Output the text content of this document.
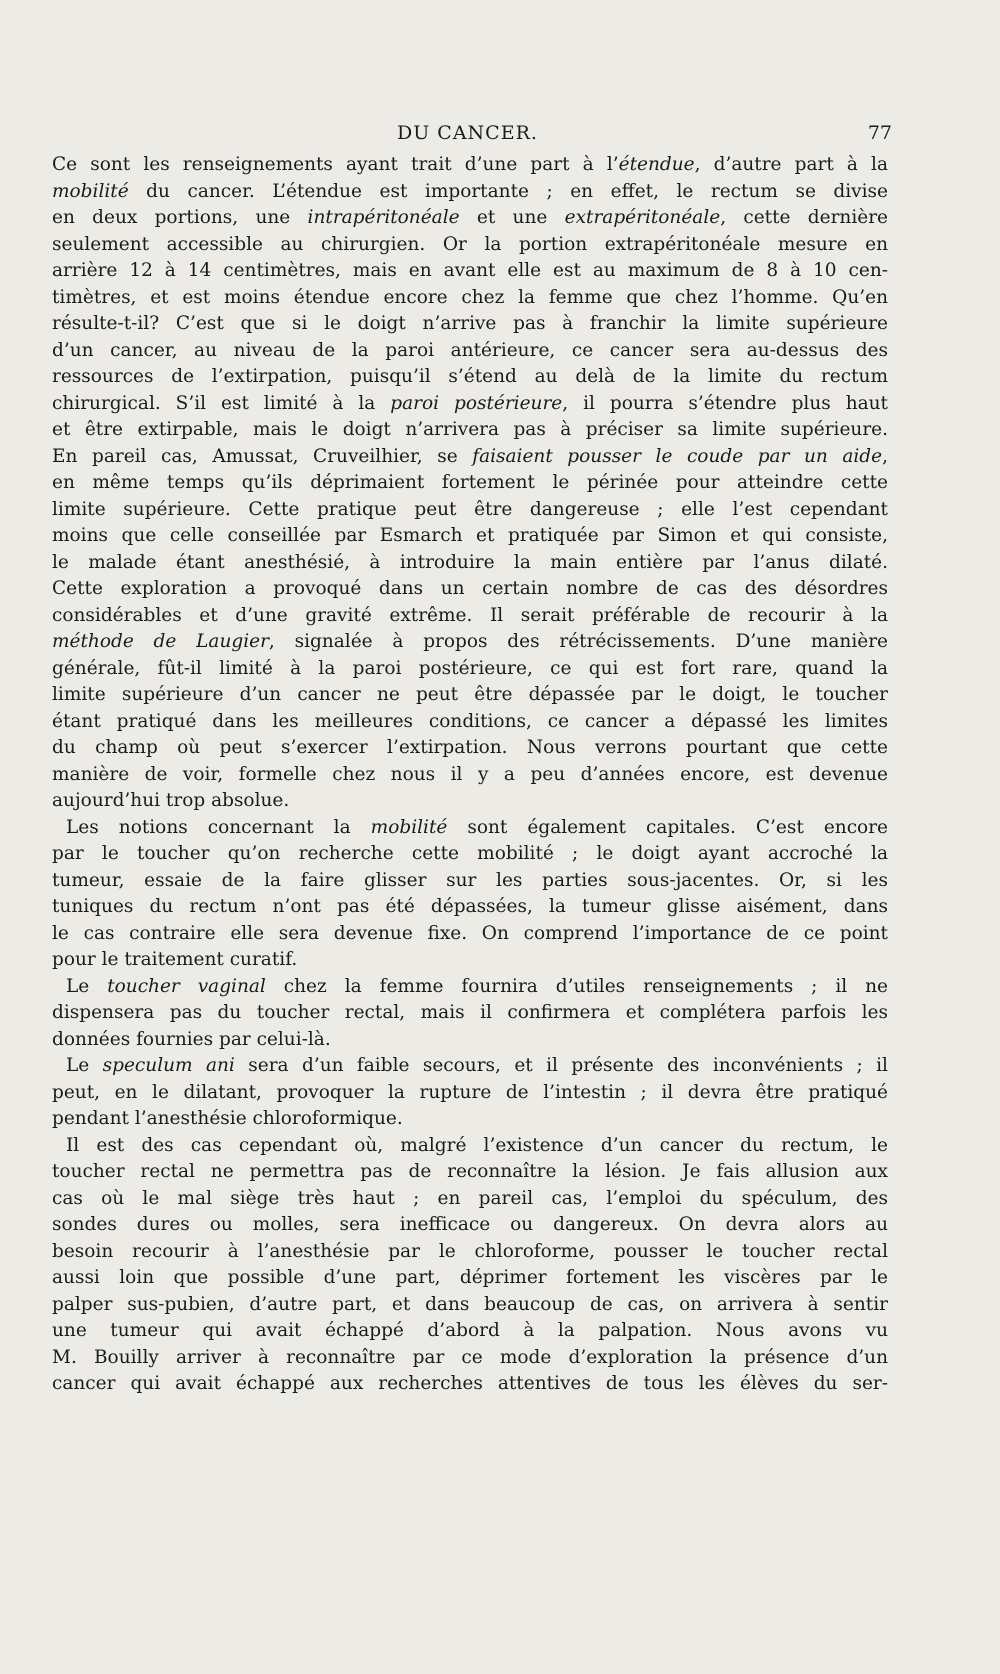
DU CANCER.	77
Ce sont les renseignements ayant trait d’une part à l’étendue, d’autre part à la
mobilité du cancer. L’étendue est importante ; en effet, le rectum se divise
en deux portions, une intrapéritonéale et une extrapéritonéale, cette dernière
seulement accessible au chirurgien. Or la portion extrapéritonéale mesure en
arrière 12 à 14 centimètres, mais en avant elle est au maximum de 8 à 10 cen-
timètres, et est moins étendue encore chez la femme que chez l’homme. Qu’en
résulte-t-il? C’est que si le doigt n’arrive pas à franchir la limite supérieure
d’un cancer, au niveau de la paroi antérieure, ce cancer sera au-dessus des
ressources de l’extirpation, puisqu’il s’étend au delà de la limite du rectum
chirurgical. S’il est limité à la paroi postérieure, il pourra s’étendre plus haut
et être extirpable, mais le doigt n’arrivera pas à préciser sa limite supérieure.
En pareil cas, Amussat, Cruveilhier, se faisaient pousser le coude par un aide,
en même temps qu’ils déprimaient fortement le périnée pour atteindre cette
limite supérieure. Cette pratique peut être dangereuse ; elle l’est cependant
moins que celle conseillée par Esmarch et pratiquée par Simon et qui consiste,
le malade étant anesthésié, à introduire la main entière par l’anus dilaté.
Cette exploration a provoqué dans un certain nombre de cas des désordres
considérables et d’une gravité extrême. Il serait préférable de recourir à la
méthode de Laugier, signalée à propos des rétrécissements. D’une manière
générale, fût-il limité à la paroi postérieure, ce qui est fort rare, quand la
limite supérieure d’un cancer ne peut être dépassée par le doigt, le toucher
étant pratiqué dans les meilleures conditions, ce cancer a dépassé les limites
du champ où peut s’exercer l’extirpation. Nous verrons pourtant que cette
manière de voir, formelle chez nous il y a peu d’années encore, est devenue
aujourd’hui trop absolue.
Les notions concernant la mobilité sont également capitales. C’est encore
par le toucher qu’on recherche cette mobilité ; le doigt ayant accroché la
tumeur, essaie de la faire glisser sur les parties sous-jacentes. Or, si les
tuniques du rectum n’ont pas été dépassées, la tumeur glisse aisément, dans
le cas contraire elle sera devenue fixe. On comprend l’importance de ce point
pour le traitement curatif.
Le toucher vaginal chez la femme fournira d’utiles renseignements ; il ne
dispensera pas du toucher rectal, mais il confirmera et complétera parfois les
données fournies par celui-là.
Le speculum ani sera d’un faible secours, et il présente des inconvénients ; il
peut, en le dilatant, provoquer la rupture de l’intestin ; il devra être pratiqué
pendant l’anesthésie chloroformique.
Il est des cas cependant où, malgré l’existence d’un cancer du rectum, le
toucher rectal ne permettra pas de reconnaître la lésion. Je fais allusion aux
cas où le mal siège très haut ; en pareil cas, l’emploi du spéculum, des
sondes dures ou molles, sera inefficace ou dangereux. On devra alors au
besoin recourir à l’anesthésie par le chloroforme, pousser le toucher rectal
aussi loin que possible d’une part, déprimer fortement les viscères par le
palper sus-pubien, d’autre part, et dans beaucoup de cas, on arrivera à sentir
une tumeur qui avait échappé d’abord à la palpation. Nous avons vu
M. Bouilly arriver à reconnaître par ce mode d’exploration la présence d’un
cancer qui avait échappé aux recherches attentives de tous les élèves du ser-
